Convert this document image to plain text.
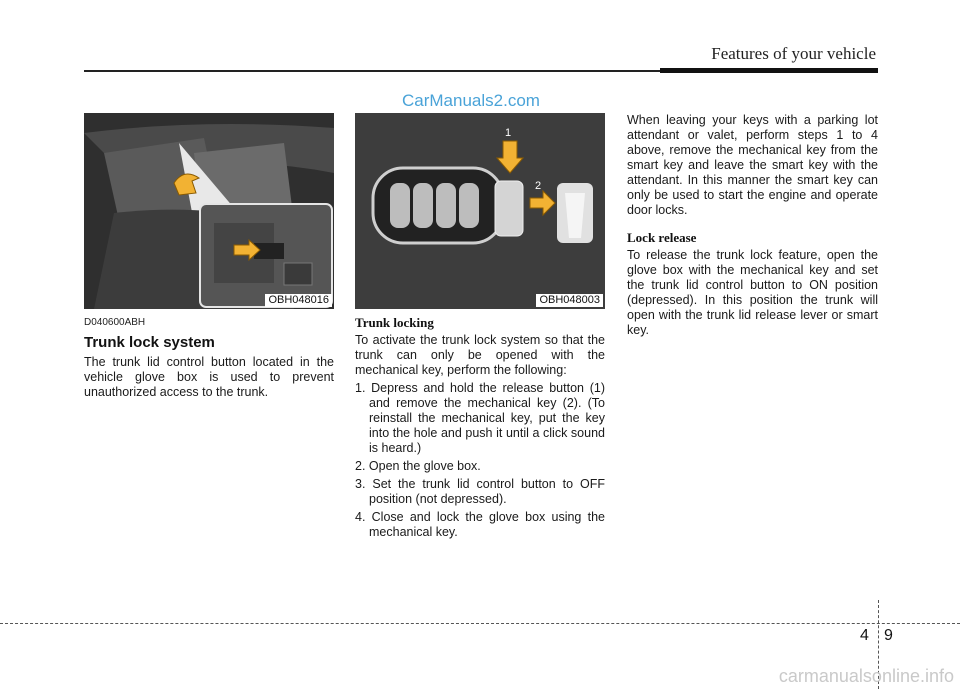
Features of your vehicle
CarManuals2.com
OBH048016
D040600ABH
Trunk lock system

The trunk lid control button located in the vehicle glove box is used to prevent unauthorized access to the trunk.

1
2
OBH048003
Trunk locking

To activate the trunk lock system so that the trunk can only be opened with the mechanical key, perform the following:

1. Depress and hold the release button (1) and remove the mechanical key (2). (To reinstall the mechanical key, put the key into the hole and push it until a click sound is heard.)
2. Open the glove box.
3. Set the trunk lid control button to OFF position (not depressed).
4. Close and lock the glove box using the mechanical key.

When leaving your keys with a parking lot attendant or valet, perform steps 1 to 4 above, remove the mechanical key from the smart key and leave the smart key with the attendant. In this manner the smart key can only be used to start the engine and operate door locks.

Lock release

To release the trunk lock feature, open the glove box with the mechanical key and set the trunk lid control button to ON position (depressed). In this position the trunk will open with the trunk lid release lever or smart key.

4 9
carmanualsonline.info
